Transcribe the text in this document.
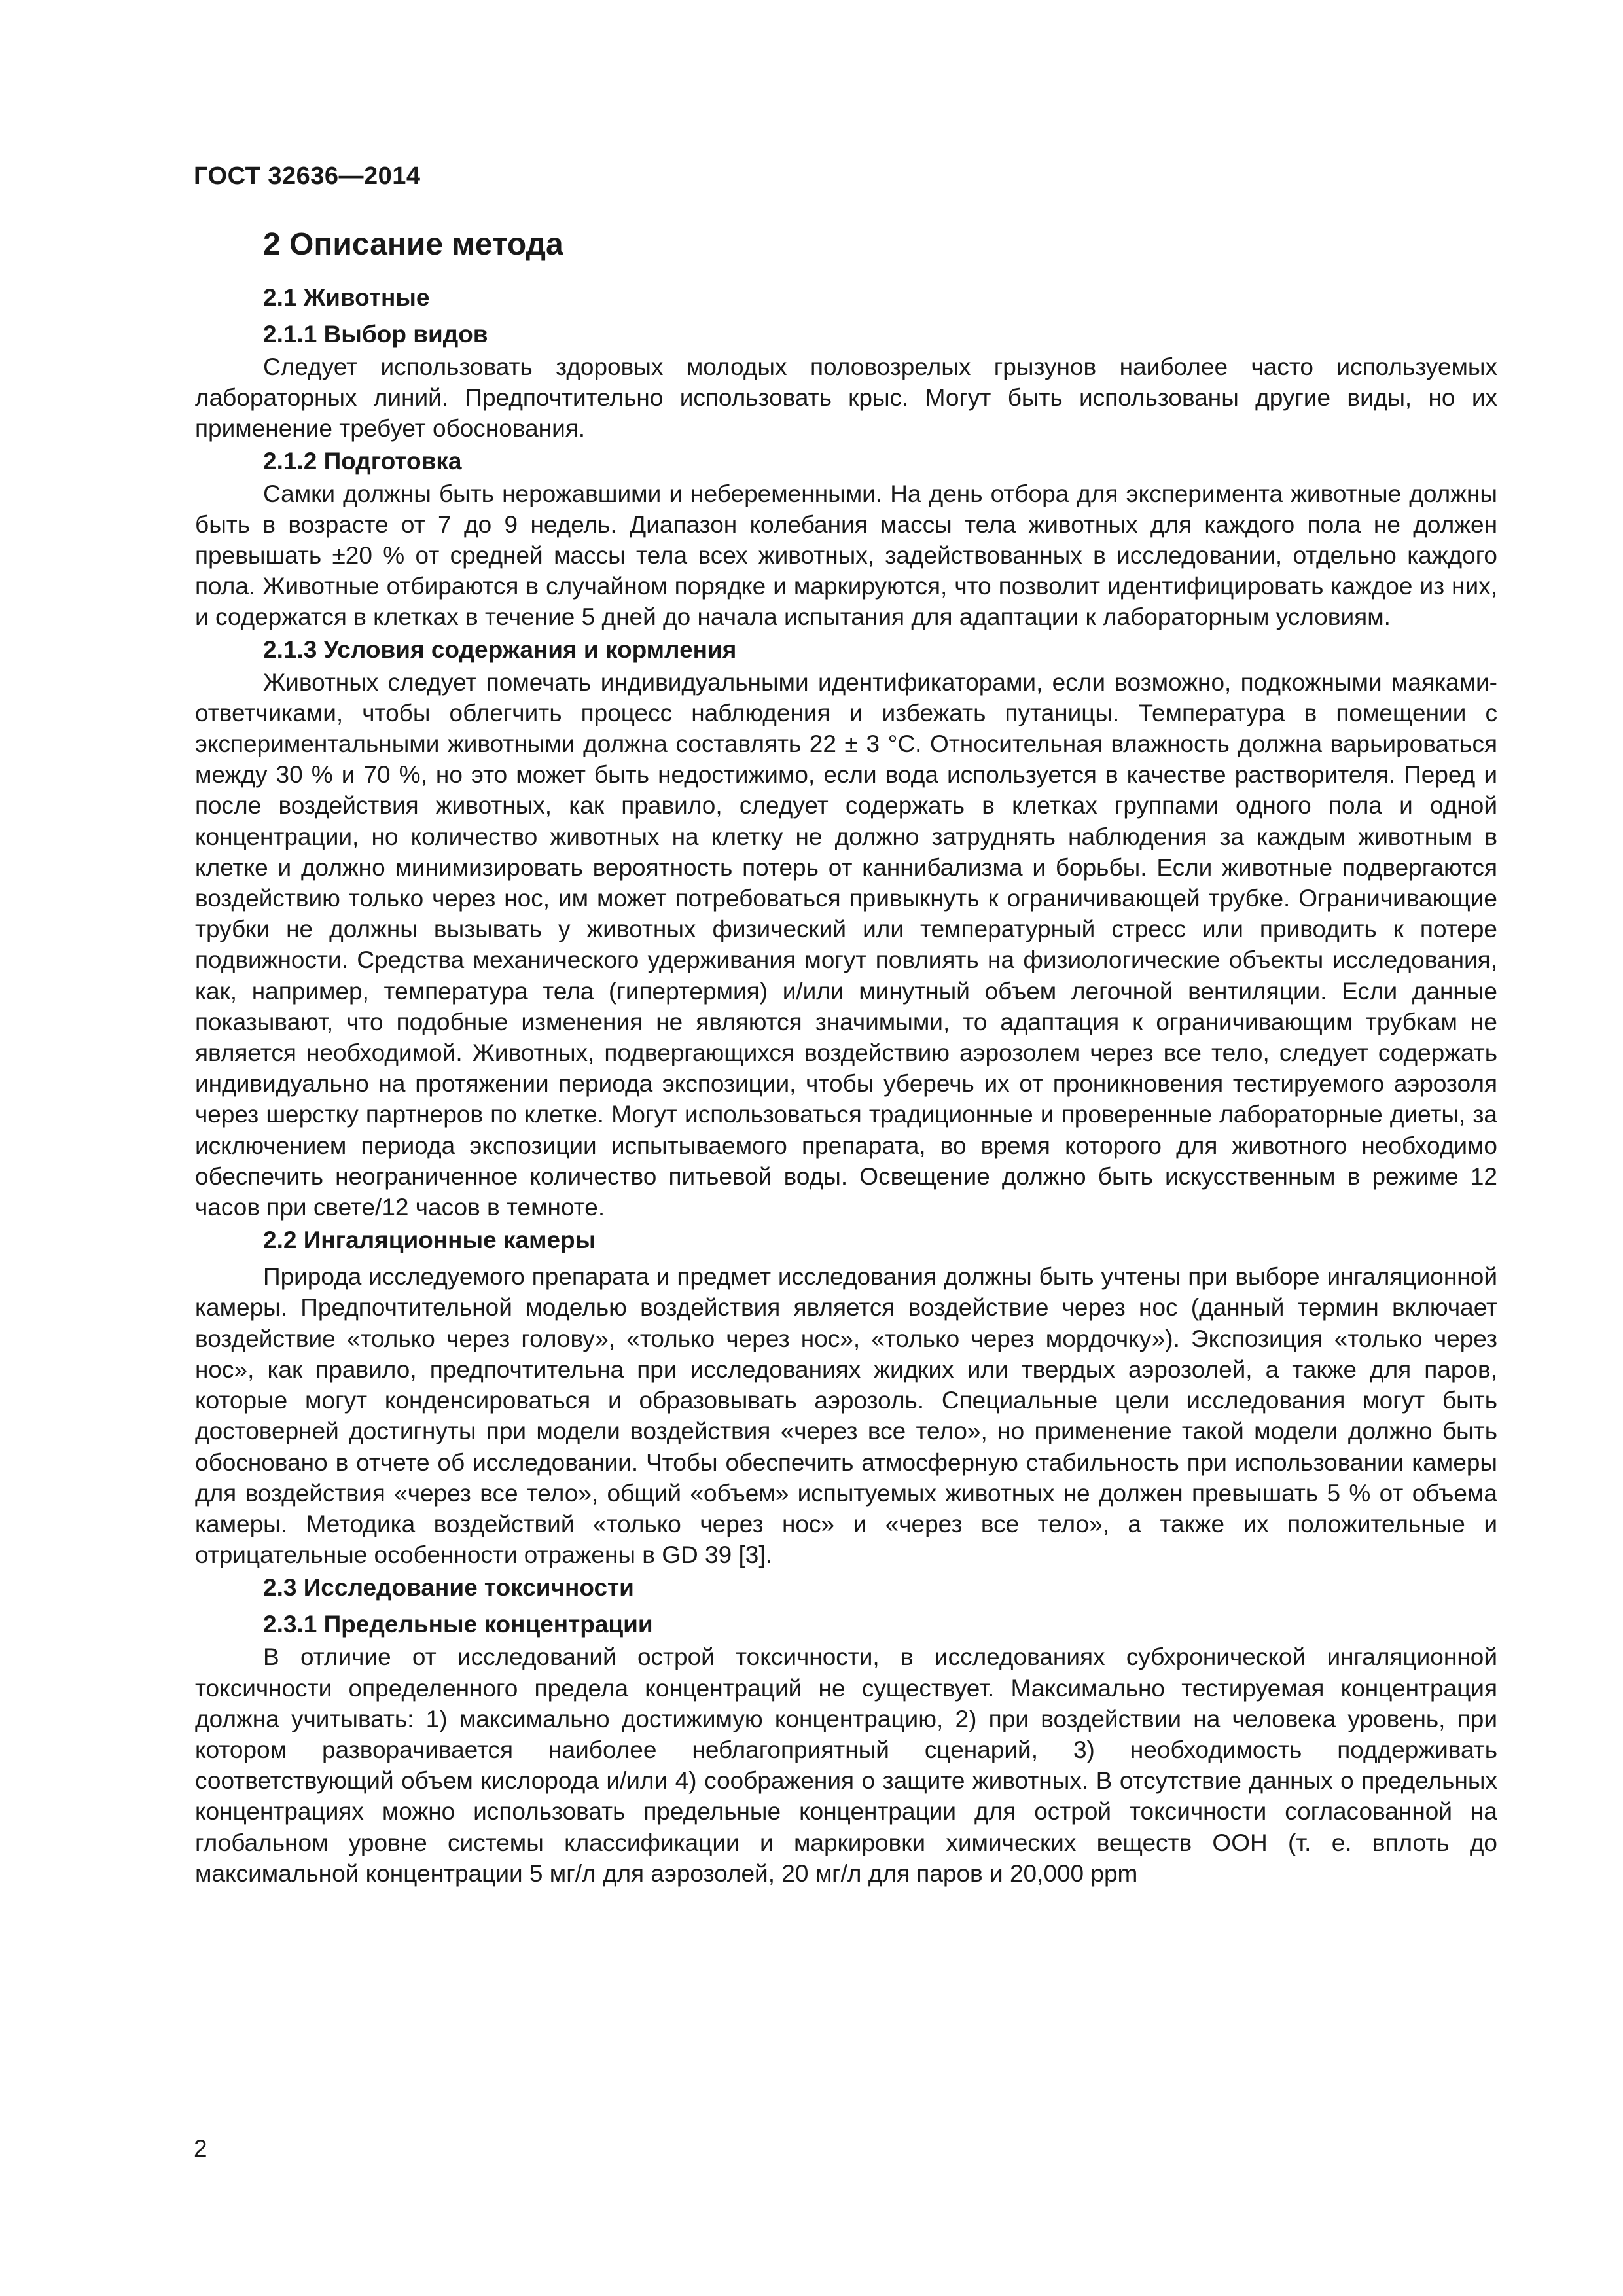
ГОСТ 32636—2014
2 Описание метода
2.1 Животные
2.1.1 Выбор видов
Следует использовать здоровых молодых половозрелых грызунов наиболее часто используемых лабораторных линий. Предпочтительно использовать крыс. Могут быть использованы другие виды, но их применение требует обоснования.
2.1.2 Подготовка
Самки должны быть нерожавшими и небеременными. На день отбора для эксперимента животные должны быть в возрасте от 7 до 9 недель. Диапазон колебания массы тела животных для каждого пола не должен превышать ±20 % от средней массы тела всех животных, задействованных в исследовании, отдельно каждого пола. Животные отбираются в случайном порядке и маркируются, что позволит идентифицировать каждое из них, и содержатся в клетках в течение 5 дней до начала испытания для адаптации к лабораторным условиям.
2.1.3 Условия содержания и кормления
Животных следует помечать индивидуальными идентификаторами, если возможно, подкожными маяками-ответчиками, чтобы облегчить процесс наблюдения и избежать путаницы. Температура в помещении с экспериментальными животными должна составлять 22 ± 3 °С. Относительная влажность должна варьироваться между 30 % и 70 %, но это может быть недостижимо, если вода используется в качестве растворителя. Перед и после воздействия животных, как правило, следует содержать в клетках группами одного пола и одной концентрации, но количество животных на клетку не должно затруднять наблюдения за каждым животным в клетке и должно минимизировать вероятность потерь от каннибализма и борьбы. Если животные подвергаются воздействию только через нос, им может потребоваться привыкнуть к ограничивающей трубке. Ограничивающие трубки не должны вызывать у животных физический или температурный стресс или приводить к потере подвижности. Средства механического удерживания могут повлиять на физиологические объекты исследования, как, например, температура тела (гипертермия) и/или минутный объем легочной вентиляции. Если данные показывают, что подобные изменения не являются значимыми, то адаптация к ограничивающим трубкам не является необходимой. Животных, подвергающихся воздействию аэрозолем через все тело, следует содержать индивидуально на протяжении периода экспозиции, чтобы уберечь их от проникновения тестируемого аэрозоля через шерстку партнеров по клетке. Могут использоваться традиционные и проверенные лабораторные диеты, за исключением периода экспозиции испытываемого препарата, во время которого для животного необходимо обеспечить неограниченное количество питьевой воды. Освещение должно быть искусственным в режиме 12 часов при свете/12 часов в темноте.
2.2 Ингаляционные камеры
Природа исследуемого препарата и предмет исследования должны быть учтены при выборе ингаляционной камеры. Предпочтительной моделью воздействия является воздействие через нос (данный термин включает воздействие «только через голову», «только через нос», «только через мордочку»). Экспозиция «только через нос», как правило, предпочтительна при исследованиях жидких или твердых аэрозолей, а также для паров, которые могут конденсироваться и образовывать аэрозоль. Специальные цели исследования могут быть достоверней достигнуты при модели воздействия «через все тело», но применение такой модели должно быть обосновано в отчете об исследовании. Чтобы обеспечить атмосферную стабильность при использовании камеры для воздействия «через все тело», общий «объем» испытуемых животных не должен превышать 5 % от объема камеры. Методика воздействий «только через нос» и «через все тело», а также их положительные и отрицательные особенности отражены в GD 39 [3].
2.3 Исследование токсичности
2.3.1 Предельные концентрации
В отличие от исследований острой токсичности, в исследованиях субхронической ингаляционной токсичности определенного предела концентраций не существует. Максимально тестируемая концентрация должна учитывать: 1) максимально достижимую концентрацию, 2) при воздействии на человека уровень, при котором разворачивается наиболее неблагоприятный сценарий, 3) необходимость поддерживать соответствующий объем кислорода и/или 4) соображения о защите животных. В отсутствие данных о предельных концентрациях можно использовать предельные концентрации для острой токсичности согласованной на глобальном уровне системы классификации и маркировки химических веществ ООН (т. е. вплоть до максимальной концентрации 5 мг/л для аэрозолей, 20 мг/л для паров и 20,000 ppm
2
